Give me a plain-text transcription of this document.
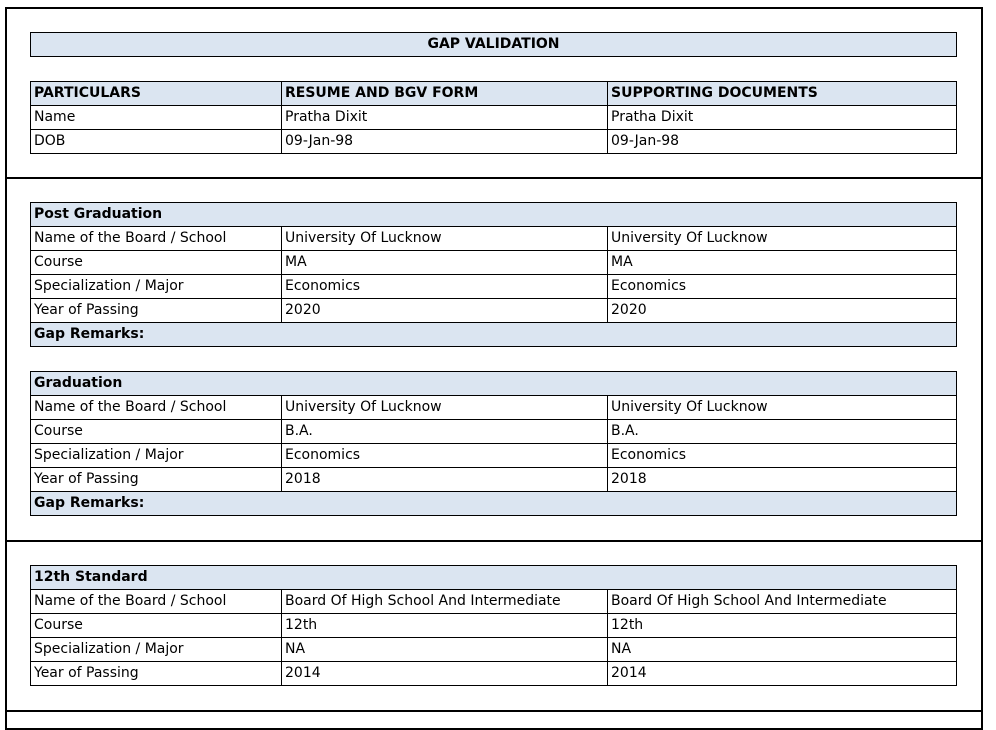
GAP VALIDATION
PARTICULARS	RESUME AND BGV FORM	SUPPORTING DOCUMENTS
Name	Pratha Dixit	Pratha Dixit
DOB	09-Jan-98	09-Jan-98
Post Graduation		
Name of the Board / School	University Of Lucknow	University Of Lucknow
Course	MA	MA
Specialization / Major	Economics	Economics
Year of Passing	2020	2020
Gap Remarks:		
Graduation		
Name of the Board / School	University Of Lucknow	University Of Lucknow
Course	B.A.	B.A.
Specialization / Major	Economics	Economics
Year of Passing	2018	2018
Gap Remarks:		
12th Standard		
Name of the Board / School	Board Of High School And Intermediate	Board Of High School And Intermediate
Course	12th	12th
Specialization / Major	NA	NA
Year of Passing	2014	2014
